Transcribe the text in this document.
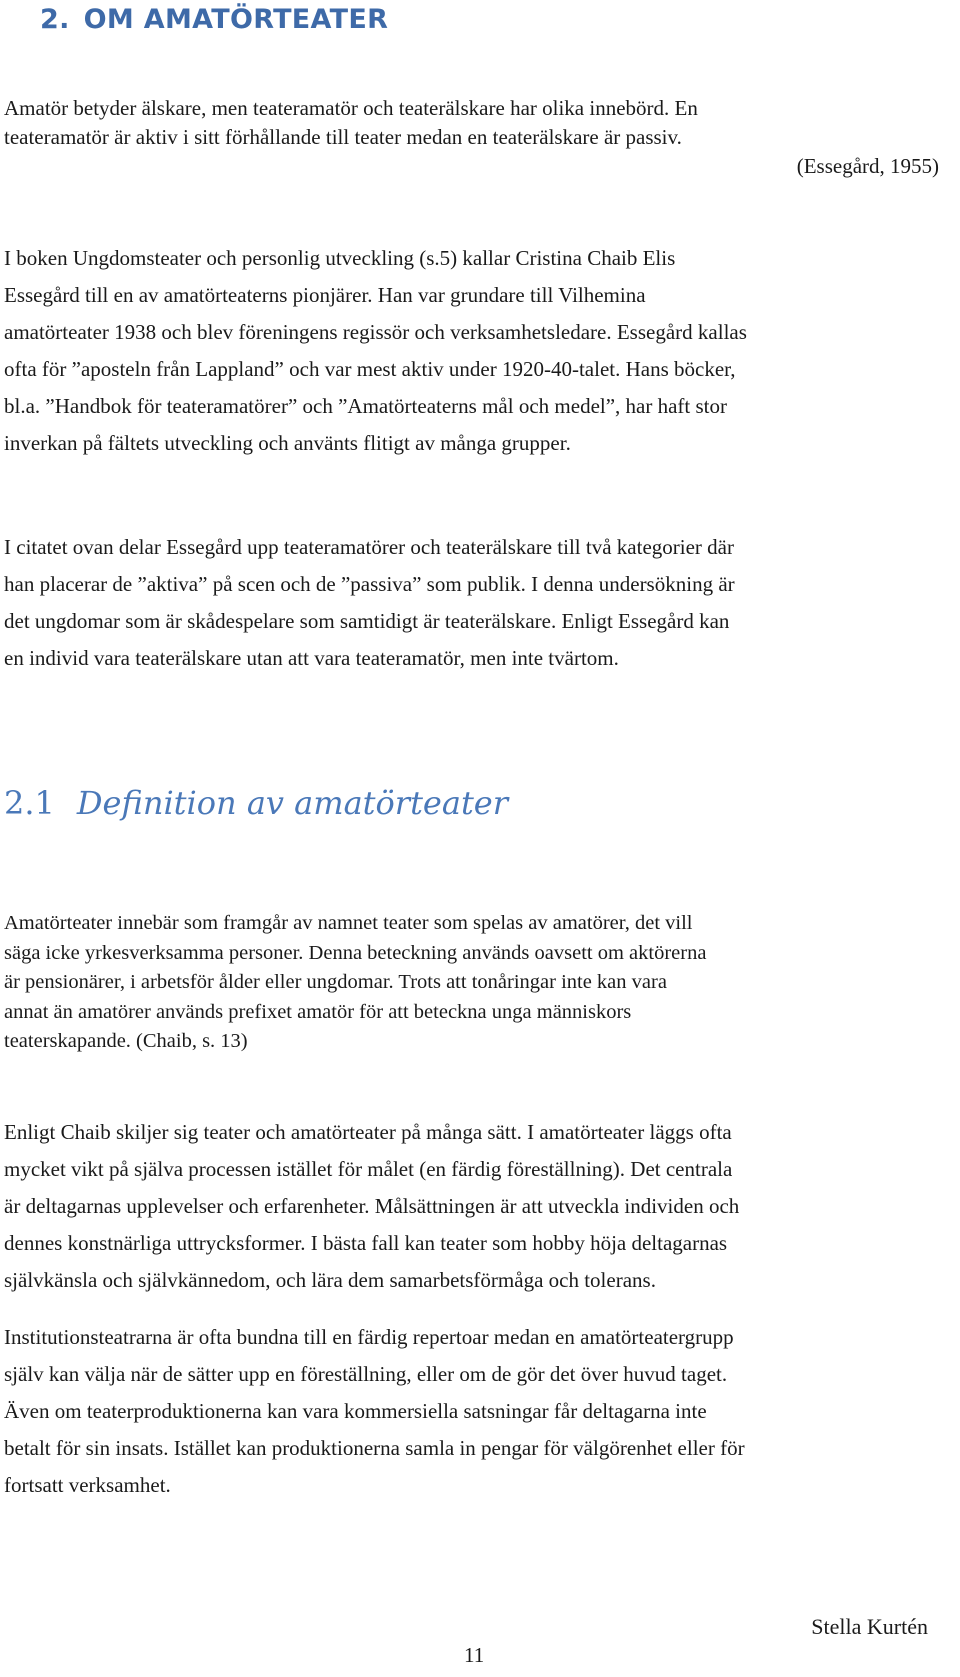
2. OM AMATÖRTEATER
Amatör betyder älskare, men teateramatör och teaterälskare har olika innebörd. En
teateramatör är aktiv i sitt förhållande till teater medan en teaterälskare är passiv.
(Essegård, 1955)
I boken Ungdomsteater och personlig utveckling (s.5) kallar Cristina Chaib Elis
Essegård till en av amatörteaterns pionjärer. Han var grundare till Vilhemina
amatörteater 1938 och blev föreningens regissör och verksamhetsledare. Essegård kallas
ofta för ”aposteln från Lappland” och var mest aktiv under 1920-40-talet. Hans böcker,
bl.a. ”Handbok för teateramatörer” och ”Amatörteaterns mål och medel”, har haft stor
inverkan på fältets utveckling och använts flitigt av många grupper.
I citatet ovan delar Essegård upp teateramatörer och teaterälskare till två kategorier där
han placerar de ”aktiva” på scen och de ”passiva” som publik. I denna undersökning är
det ungdomar som är skådespelare som samtidigt är teaterälskare. Enligt Essegård kan
en individ vara teaterälskare utan att vara teateramatör, men inte tvärtom.
2.1 Definition av amatörteater
Amatörteater innebär som framgår av namnet teater som spelas av amatörer, det vill
säga icke yrkesverksamma personer. Denna beteckning används oavsett om aktörerna
är pensionärer, i arbetsför ålder eller ungdomar. Trots att tonåringar inte kan vara
annat än amatörer används prefixet amatör för att beteckna unga människors
teaterskapande. (Chaib, s. 13)
Enligt Chaib skiljer sig teater och amatörteater på många sätt. I amatörteater läggs ofta
mycket vikt på själva processen istället för målet (en färdig föreställning). Det centrala
är deltagarnas upplevelser och erfarenheter. Målsättningen är att utveckla individen och
dennes konstnärliga uttrycksformer. I bästa fall kan teater som hobby höja deltagarnas
självkänsla och självkännedom, och lära dem samarbetsförmåga och tolerans.
Institutionsteatrarna är ofta bundna till en färdig repertoar medan en amatörteatergrupp
själv kan välja när de sätter upp en föreställning, eller om de gör det över huvud taget.
Även om teaterproduktionerna kan vara kommersiella satsningar får deltagarna inte
betalt för sin insats. Istället kan produktionerna samla in pengar för välgörenhet eller för
fortsatt verksamhet.

Stella Kurtén

11
